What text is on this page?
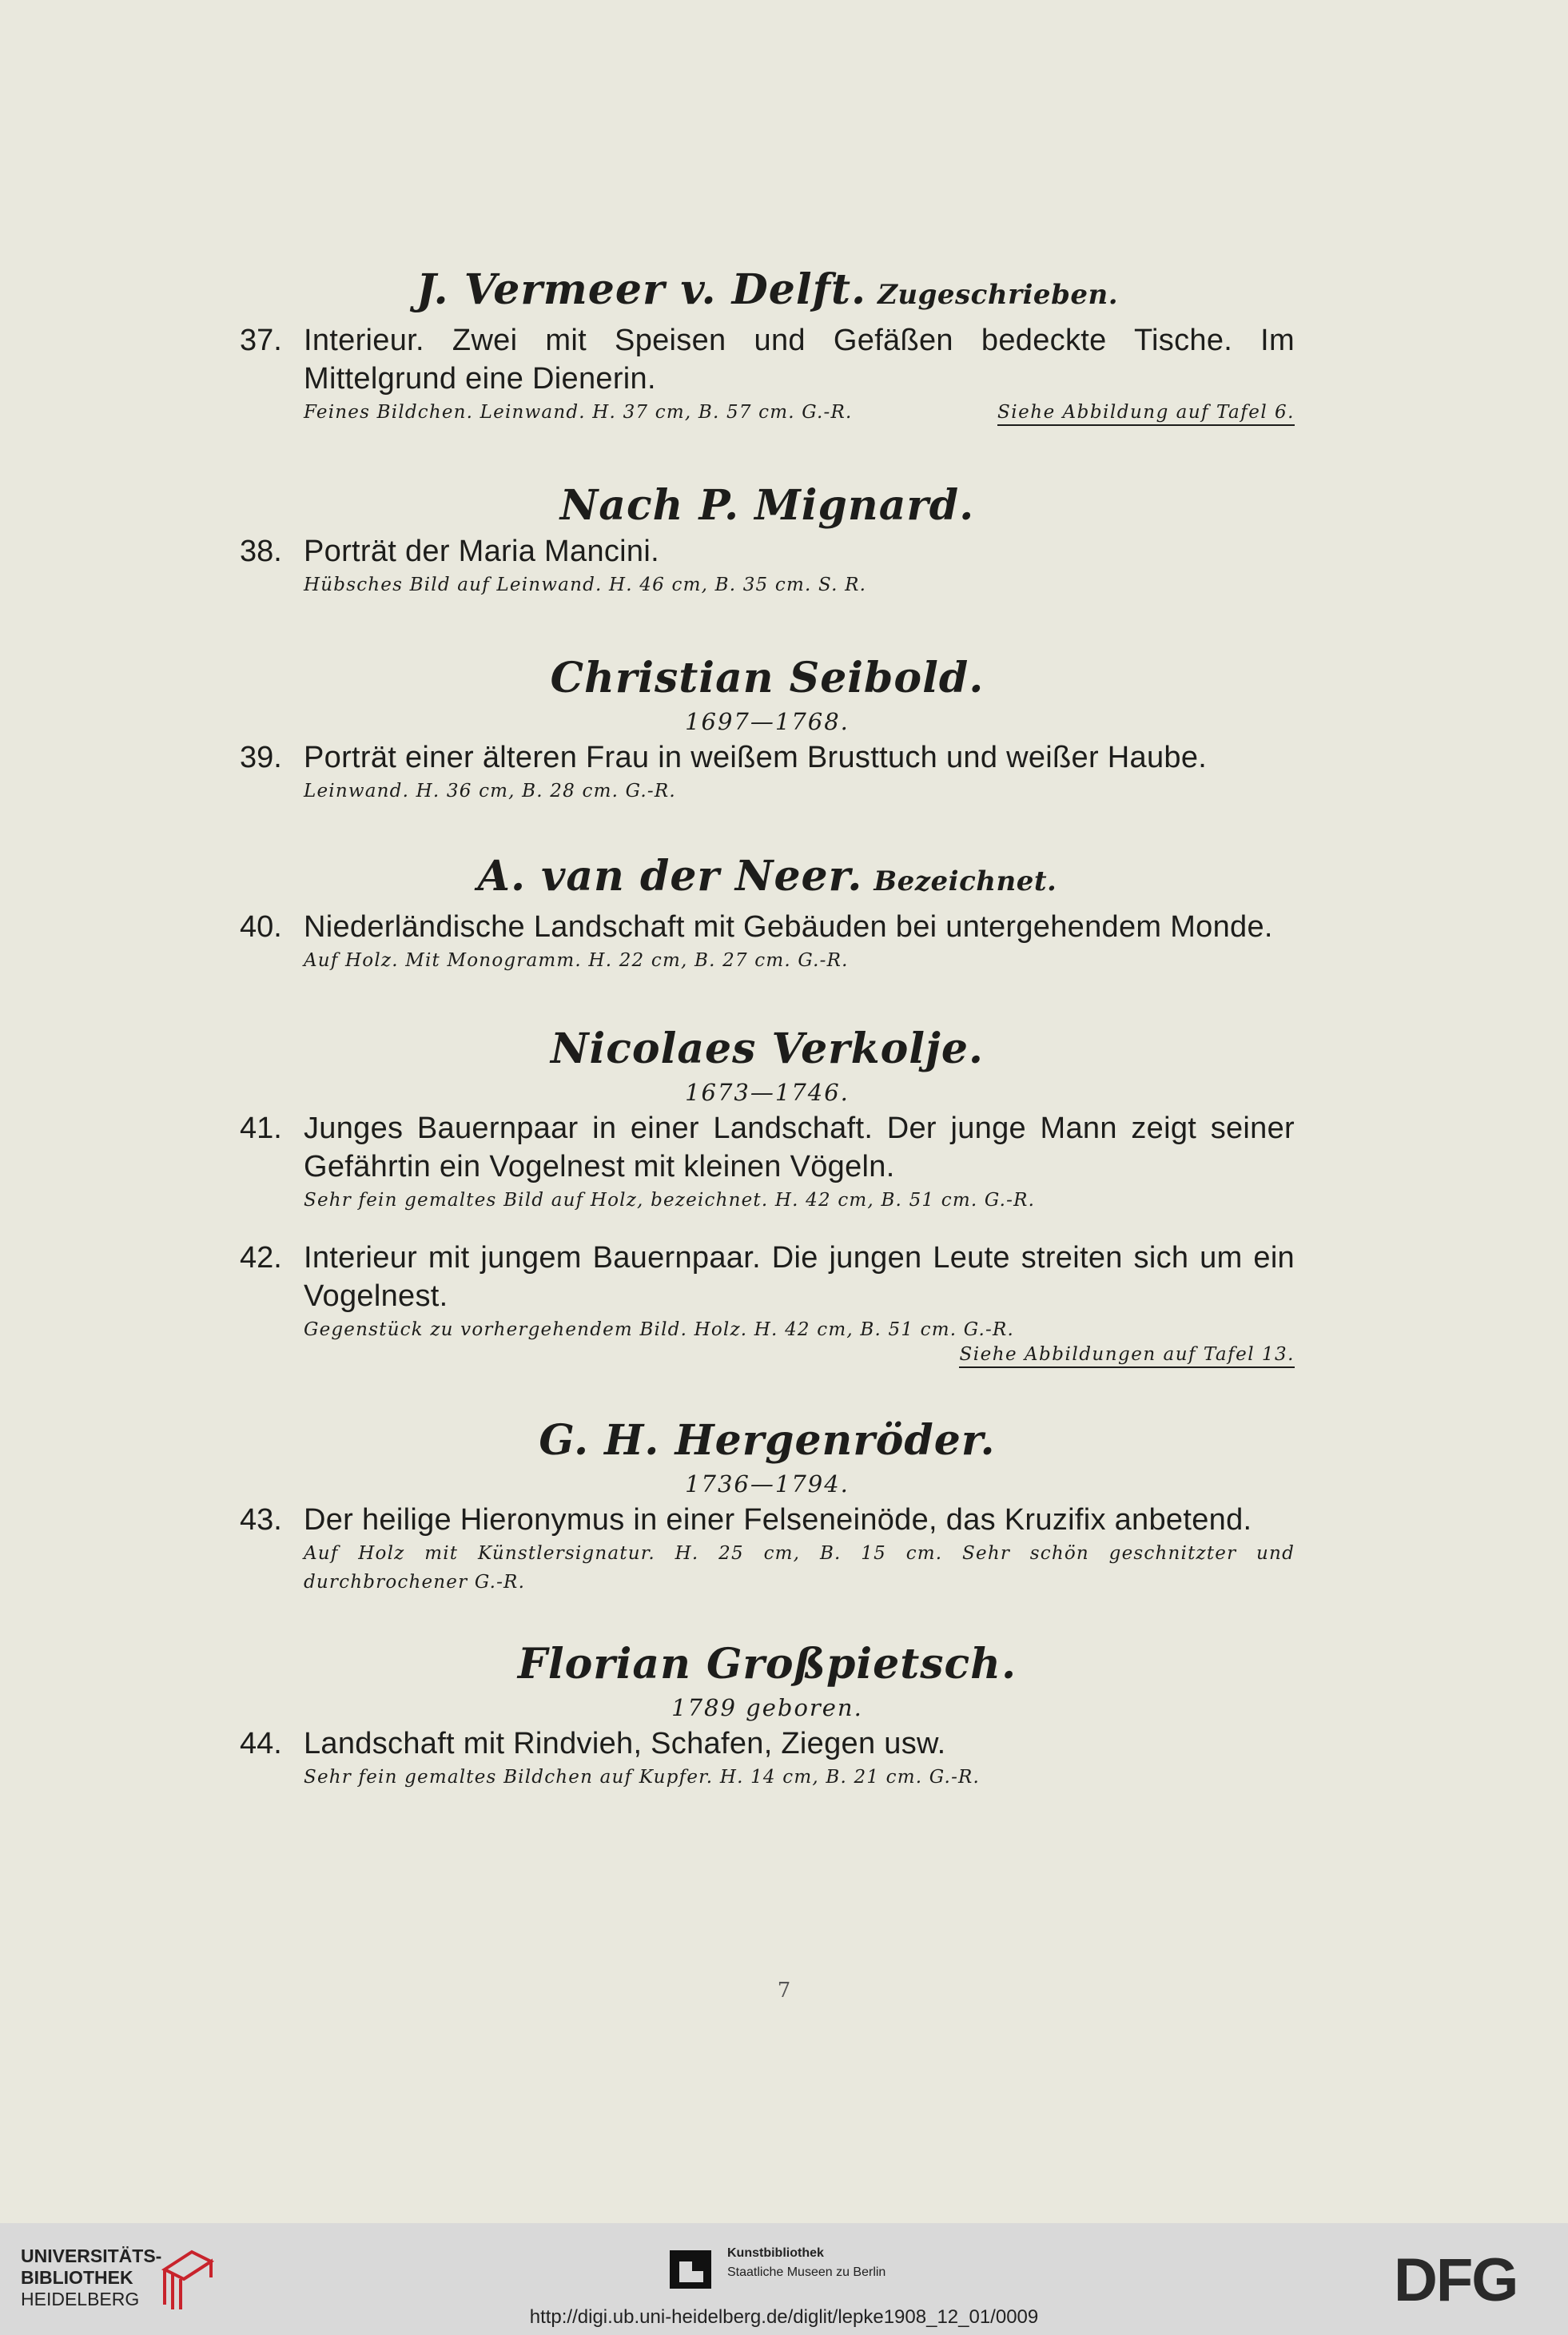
J. Vermeer v. Delft. Zugeschrieben.
37. Interieur. Zwei mit Speisen und Gefäßen bedeckte Tische. Im Mittelgrund eine Dienerin.
Feines Bildchen. Leinwand. H. 37 cm, B. 57 cm. G.-R.	Siehe Abbildung auf Tafel 6.
Nach P. Mignard.
38. Porträt der Maria Mancini.
Hübsches Bild auf Leinwand. H. 46 cm, B. 35 cm. S. R.
Christian Seibold.
1697—1768.
39. Porträt einer älteren Frau in weißem Brusttuch und weißer Haube.
Leinwand. H. 36 cm, B. 28 cm. G.-R.
A. van der Neer. Bezeichnet.
40. Niederländische Landschaft mit Gebäuden bei untergehendem Monde.
Auf Holz. Mit Monogramm. H. 22 cm, B. 27 cm. G.-R.
Nicolaes Verkolje.
1673—1746.
41. Junges Bauernpaar in einer Landschaft. Der junge Mann zeigt seiner Gefährtin ein Vogelnest mit kleinen Vögeln.
Sehr fein gemaltes Bild auf Holz, bezeichnet. H. 42 cm, B. 51 cm. G.-R.
42. Interieur mit jungem Bauernpaar. Die jungen Leute streiten sich um ein Vogelnest.
Gegenstück zu vorhergehendem Bild. Holz. H. 42 cm, B. 51 cm. G.-R.
Siehe Abbildungen auf Tafel 13.
G. H. Hergenröder.
1736—1794.
43. Der heilige Hieronymus in einer Felseneinöde, das Kruzifix anbetend.
Auf Holz mit Künstlersignatur. H. 25 cm, B. 15 cm. Sehr schön geschnitzter und durchbrochener G.-R.
Florian Großpietsch.
1789 geboren.
44. Landschaft mit Rindvieh, Schafen, Ziegen usw.
Sehr fein gemaltes Bildchen auf Kupfer. H. 14 cm, B. 21 cm. G.-R.
7
UNIVERSITÄTS-
BIBLIOTHEK
HEIDELBERG
Kunstbibliothek
Staatliche Museen zu Berlin	DFG
http://digi.ub.uni-heidelberg.de/diglit/lepke1908_12_01/0009
